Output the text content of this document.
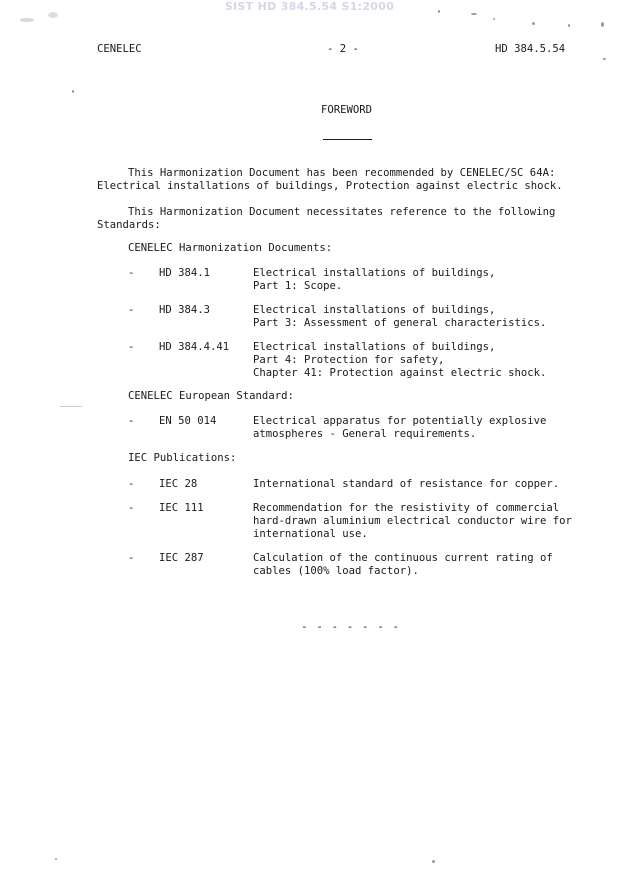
SIST HD 384.5.54 S1:2000
CENELEC	- 2 -	HD 384.5.54
FOREWORD
This Harmonization Document has been recommended by CENELEC/SC 64A:
Electrical installations of buildings, Protection against electric shock.
This Harmonization Document necessitates reference to the following
Standards:
CENELEC Harmonization Documents:
- HD 384.1	Electrical installations of buildings,
Part 1: Scope.
- HD 384.3	Electrical installations of buildings,
Part 3: Assessment of general characteristics.
- HD 384.4.41 Electrical installations of buildings,
Part 4: Protection for safety,
Chapter 41: Protection against electric shock.
CENELEC European Standard:
- EN 50 014	Electrical apparatus for potentially explosive
atmospheres - General requirements.
IEC Publications:
- IEC 28	International standard of resistance for copper.
- IEC 111	Recommendation for the resistivity of commercial
hard-drawn aluminium electrical conductor wire for
international use.
- IEC 287	Calculation of the continuous current rating of
cables (100% load factor).
- - - - - - -
